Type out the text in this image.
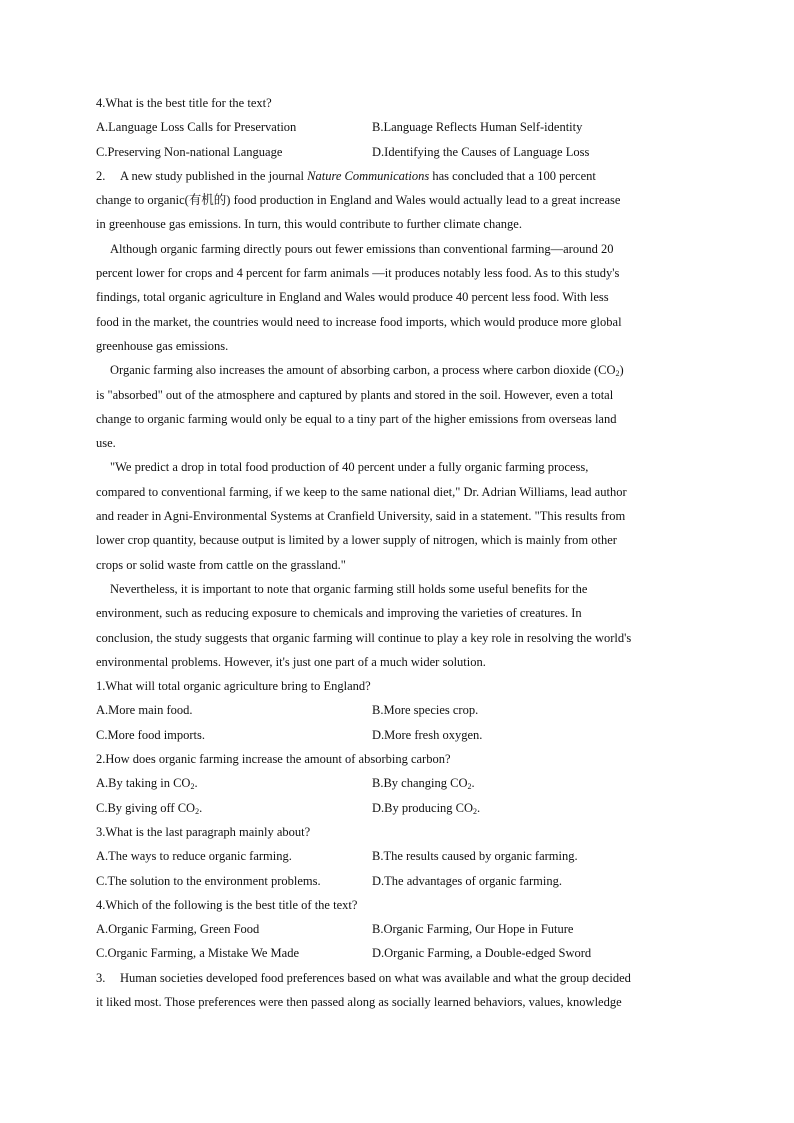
4.What is the best title for the text?
A.Language Loss Calls for Preservation	B.Language Reflects Human Self-identity
C.Preserving Non-national Language	D.Identifying the Causes of Language Loss
2. A new study published in the journal Nature Communications has concluded that a 100 percent
change to organic(有机的) food production in England and Wales would actually lead to a great increase
in greenhouse gas emissions. In turn, this would contribute to further climate change.
Although organic farming directly pours out fewer emissions than conventional farming—around 20
percent lower for crops and 4 percent for farm animals —it produces notably less food. As to this study's
findings, total organic agriculture in England and Wales would produce 40 percent less food. With less
food in the market, the countries would need to increase food imports, which would produce more global
greenhouse gas emissions.
Organic farming also increases the amount of absorbing carbon, a process where carbon dioxide $(CO_2)$
is "absorbed" out of the atmosphere and captured by plants and stored in the soil. However, even a total
change to organic farming would only be equal to a tiny part of the higher emissions from overseas land
use.
"We predict a drop in total food production of 40 percent under a fully organic farming process,
compared to conventional farming, if we keep to the same national diet," Dr. Adrian Williams, lead author
and reader in Agni-Environmental Systems at Cranfield University, said in a statement. "This results from
lower crop quantity, because output is limited by a lower supply of nitrogen, which is mainly from other
crops or solid waste from cattle on the grassland."
Nevertheless, it is important to note that organic farming still holds some useful benefits for the
environment, such as reducing exposure to chemicals and improving the varieties of creatures. In
conclusion, the study suggests that organic farming will continue to play a key role in resolving the world's
environmental problems. However, it's just one part of a much wider solution.
1.What will total organic agriculture bring to England?
A.More main food.	B.More species crop.
C.More food imports.	D.More fresh oxygen.
2.How does organic farming increase the amount of absorbing carbon?
A.By taking in $CO_2$.	B.By changing $CO_2$.
C.By giving off $CO_2$.	D.By producing $CO_2$.
3.What is the last paragraph mainly about?
A.The ways to reduce organic farming.	B.The results caused by organic farming.
C.The solution to the environment problems.	D.The advantages of organic farming.
4.Which of the following is the best title of the text?
A.Organic Farming, Green Food	B.Organic Farming, Our Hope in Future
C.Organic Farming, a Mistake We Made	D.Organic Farming, a Double-edged Sword
3. Human societies developed food preferences based on what was available and what the group decided
it liked most. Those preferences were then passed along as socially learned behaviors, values, knowledge
